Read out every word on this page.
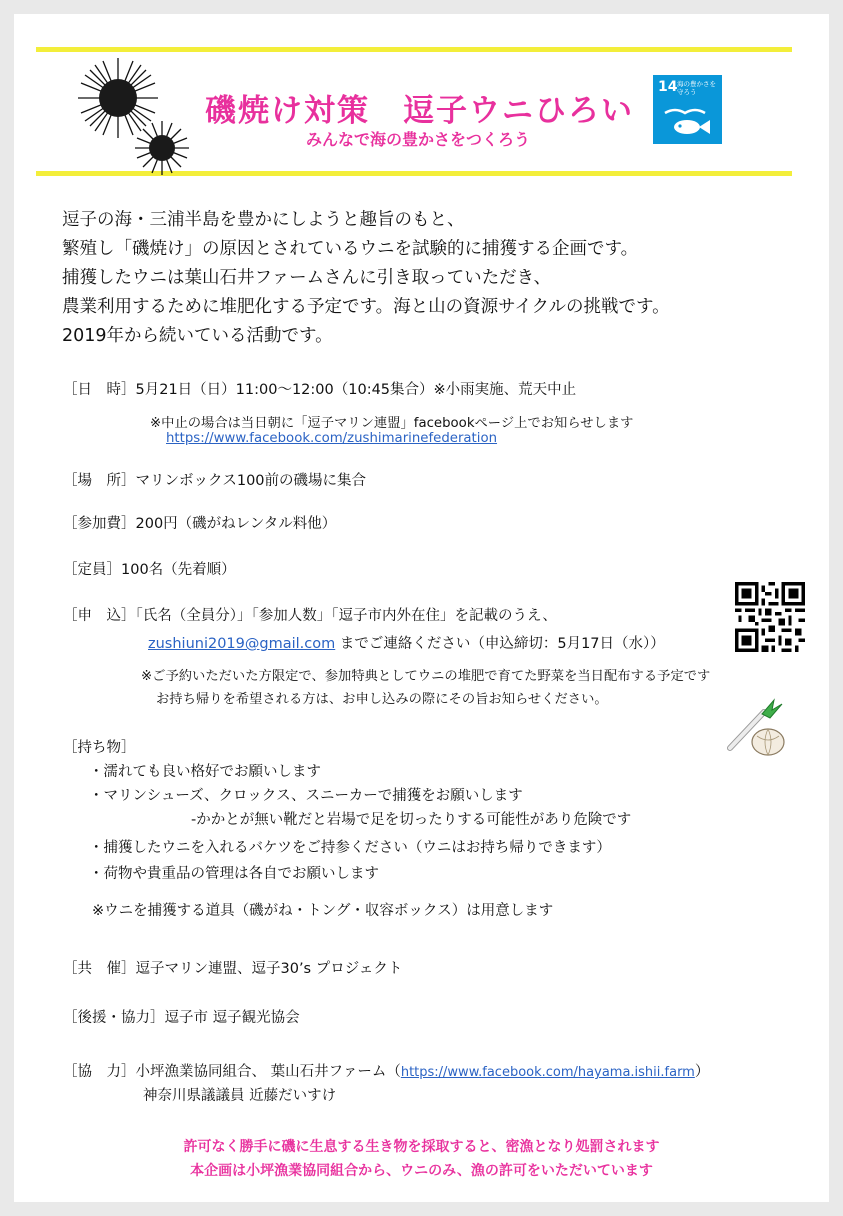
磯焼け対策　逗子ウニひろい
みんなで海の豊かさをつくろう
14 海の豊かさを守ろう
逗子の海・三浦半島を豊かにしようと趣旨のもと、
繁殖し「磯焼け」の原因とされているウニを試験的に捕獲する企画です。
捕獲したウニは葉山石井ファームさんに引き取っていただき、
農業利用するために堆肥化する予定です。海と山の資源サイクルの挑戦です。
2019年から続いている活動です。
［日　時］5月21日（日）11:00～12:00（10:45集合）※小雨実施、荒天中止
※中止の場合は当日朝に「逗子マリン連盟」facebookページ上でお知らせします
https://www.facebook.com/zushimarinefederation
［場　所］マリンボックス100前の磯場に集合
［参加費］200円（磯がねレンタル料他）
［定員］100名（先着順）
［申　込］「氏名（全員分）」「参加人数」「逗子市内外在住」を記載のうえ、
zushiuni2019@gmail.com までご連絡ください（申込締切：5月17日（水））
※ご予約いただいた方限定で、参加特典としてウニの堆肥で育てた野菜を当日配布する予定です
お持ち帰りを希望される方は、お申し込みの際にその旨お知らせください。
［持ち物］
・濡れても良い格好でお願いします
・マリンシューズ、クロックス、スニーカーで捕獲をお願いします
-かかとが無い靴だと岩場で足を切ったりする可能性があり危険です
・捕獲したウニを入れるバケツをご持参ください（ウニはお持ち帰りできます）
・荷物や貴重品の管理は各自でお願いします
※ウニを捕獲する道具（磯がね・トング・収容ボックス）は用意します
［共　催］逗子マリン連盟、逗子30’s プロジェクト
［後援・協力］逗子市 逗子観光協会
［協　力］小坪漁業協同組合、 葉山石井ファーム（https://www.facebook.com/hayama.ishii.farm）
神奈川県議議員 近藤だいすけ
許可なく勝手に磯に生息する生き物を採取すると、密漁となり処罰されます
本企画は小坪漁業協同組合から、ウニのみ、漁の許可をいただいています
